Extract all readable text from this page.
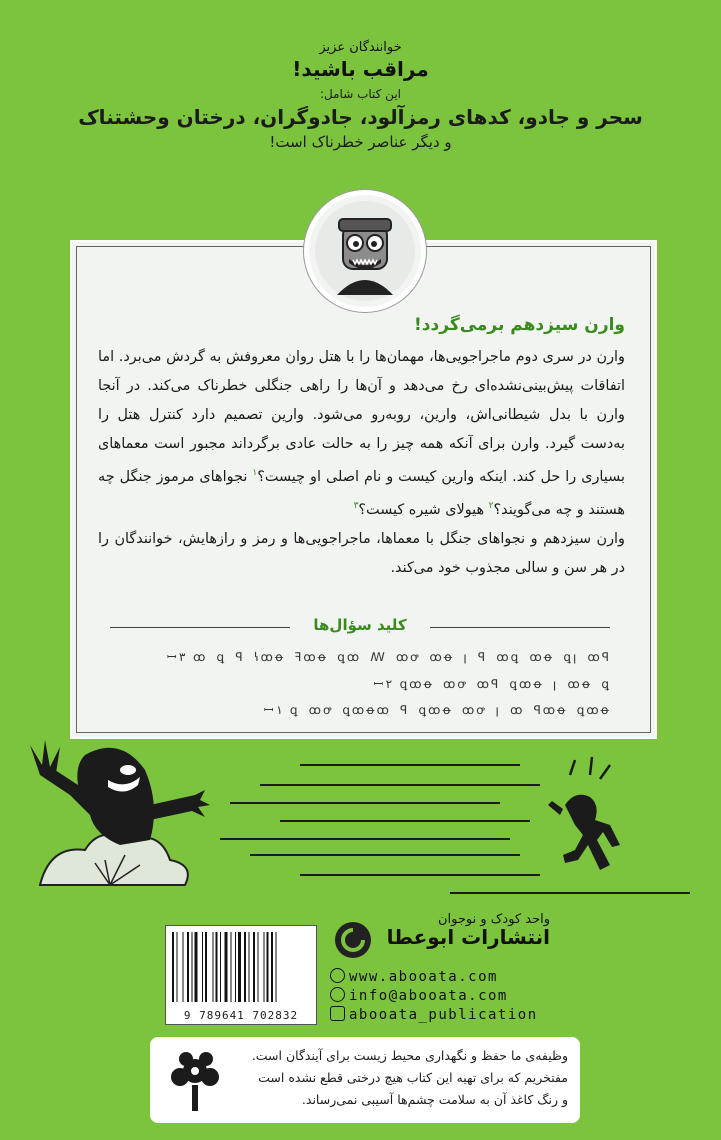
خوانندگان عزیز
مراقب باشید!
این کتاب شامل:
سحر و جادو، کدهای رمزآلود، جادوگران، درختان وحشتناک
و دیگر عناصر خطرناک است!
وارن سیزدهم برمی‌گردد!

وارن در سری دوم ماجراجویی‌ها، مهمان‌ها را با هتل روان معروفش به گردش می‌برد. اما اتفاقات پیش‌بینی‌نشده‌ای رخ می‌دهد و آن‌ها را راهی جنگلی خطرناک می‌کند. در آنجا وارن با بدل شیطانی‌اش، وارین، روبه‌رو می‌شود. وارین تصمیم دارد کنترل هتل را به‌دست گیرد. وارن برای آنکه همه چیز را به حالت عادی برگرداند مجبور است معماهای بسیاری را حل کند. اینکه وارین کیست و نام اصلی او چیست؟$^۱$ نجواهای مرموز جنگل چه هستند و چه می‌گویند؟$^۲$ هیولای شیره کیست؟$^۳$

وارن سیزدهم و نجواهای جنگل با معماها، ماجراجویی‌ها و رمز و رازهایش، خوانندگان را در هر سن و سالی مجذوب خود می‌کند.

کلید سؤال‌ها
ꟷ۳ ꝏ ꝗ ꟼ ꝇꝏꝋ ꟻꝏꝋ ꝗꝏ ꟿ ꝏꝍ ꝏꝋ ꞁ ꟼ ꝏꝗ ꝏꝋ ꝗꞁ ꝏꟼ
ꟷ۲ ꝗꝏꝋ ꝏꝍ ꝏꟼ ꝗꝏꝋ ꞁ ꝏꝋ ꝗ
ꟷ۱ ꝗ ꝏꝍ ꝗꝏꝋꝏ ꟼ ꝗꝏꝋ ꝏꝍ ꞁ ꝏ ꟼꝏꝋ ꝗꝏꝋ
واحد کودک و نوجوان
انتشارات ابوعطا
www.abooata.com
info@abooata.com
abooata_publication
9 789641 702832
وظیفه‌ی ما حفظ و نگهداری محیط زیست برای آیندگان است.
مفتخریم که برای تهیه این کتاب هیچ درختی قطع نشده است
و رنگ کاغذ آن به سلامت چشم‌ها آسیبی نمی‌رساند.
